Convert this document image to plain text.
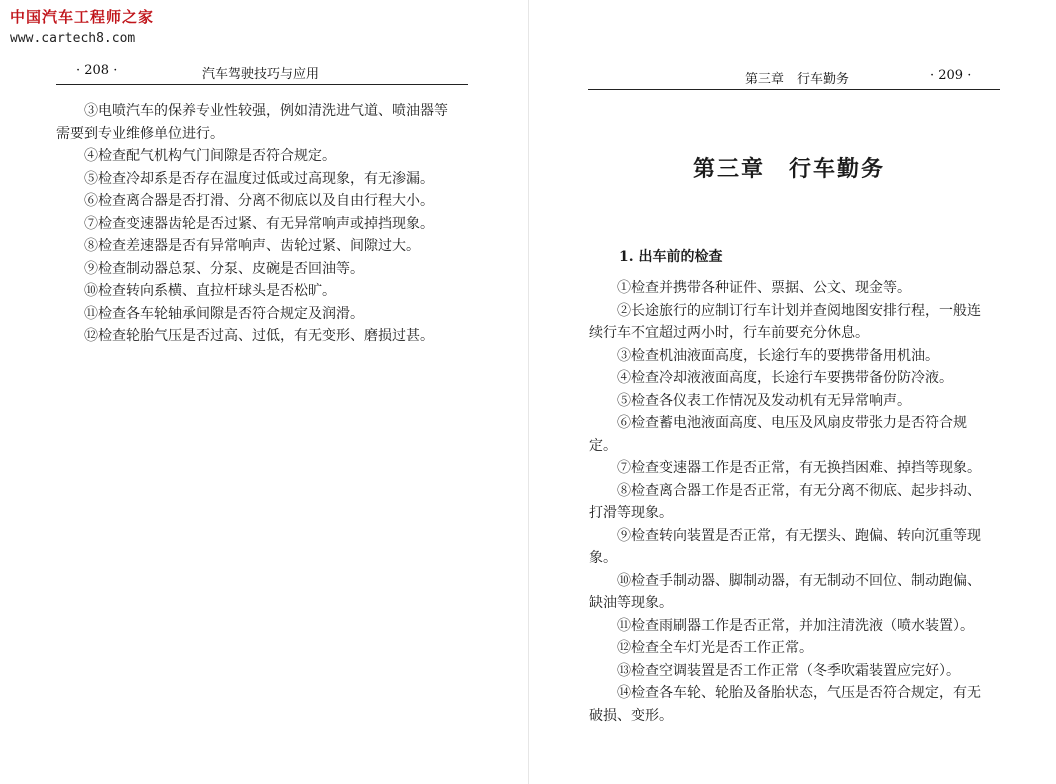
中国汽车工程师之家
www.cartech8.com
· 208 ·	汽车驾驶技巧与应用

③电喷汽车的保养专业性较强，例如清洗进气道、喷油器等

需要到专业维修单位进行。

④检查配气机构气门间隙是否符合规定。

⑤检查冷却系是否存在温度过低或过高现象，有无渗漏。

⑥检查离合器是否打滑、分离不彻底以及自由行程大小。

⑦检查变速器齿轮是否过紧、有无异常响声或掉挡现象。

⑧检查差速器是否有异常响声、齿轮过紧、间隙过大。

⑨检查制动器总泵、分泵、皮碗是否回油等。

⑩检查转向系横、直拉杆球头是否松旷。

⑪检查各车轮轴承间隙是否符合规定及润滑。

⑫检查轮胎气压是否过高、过低，有无变形、磨损过甚。

第三章　行车勤务	· 209 ·
第三章　行车勤务
1. 出车前的检查

①检查并携带各种证件、票据、公文、现金等。

②长途旅行的应制订行车计划并查阅地图安排行程，一般连

续行车不宜超过两小时，行车前要充分休息。

③检查机油液面高度，长途行车的要携带备用机油。

④检查冷却液液面高度，长途行车要携带备份防冷液。

⑤检查各仪表工作情况及发动机有无异常响声。

⑥检查蓄电池液面高度、电压及风扇皮带张力是否符合规

定。

⑦检查变速器工作是否正常，有无换挡困难、掉挡等现象。

⑧检查离合器工作是否正常，有无分离不彻底、起步抖动、

打滑等现象。

⑨检查转向装置是否正常，有无摆头、跑偏、转向沉重等现

象。

⑩检查手制动器、脚制动器，有无制动不回位、制动跑偏、

缺油等现象。

⑪检查雨刷器工作是否正常，并加注清洗液（喷水装置）。

⑫检查全车灯光是否工作正常。

⑬检查空调装置是否工作正常（冬季吹霜装置应完好）。

⑭检查各车轮、轮胎及备胎状态，气压是否符合规定，有无

破损、变形。
